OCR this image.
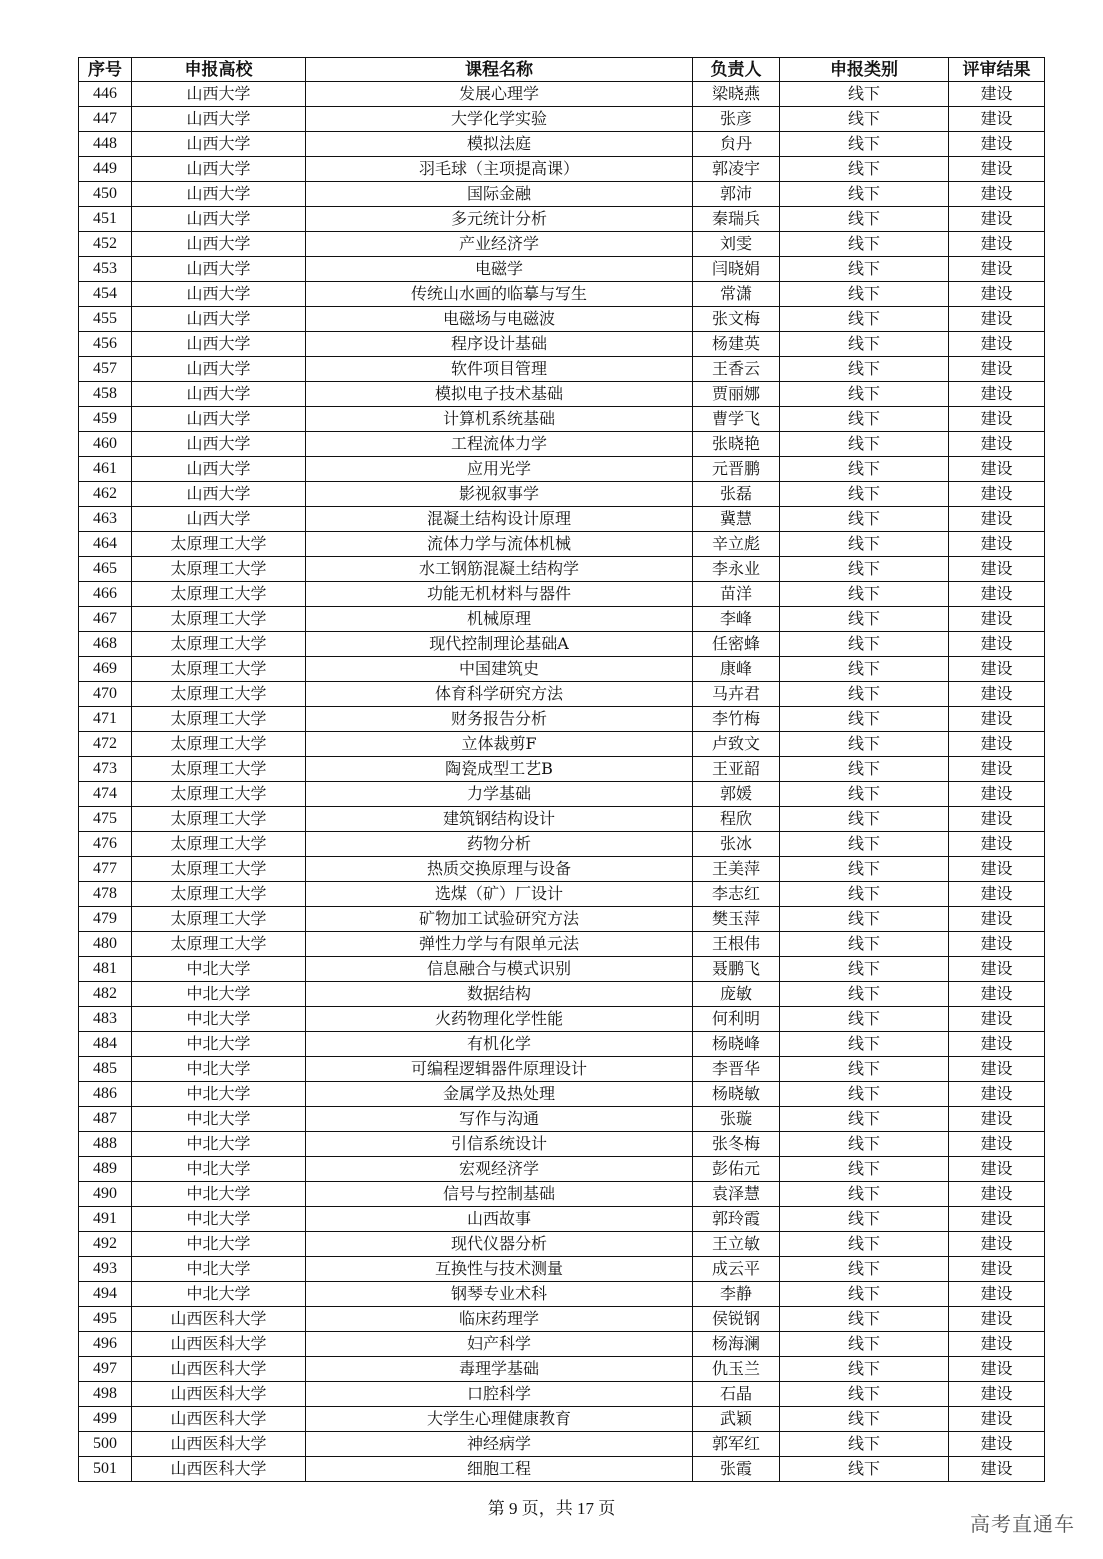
序号	申报高校	课程名称	负责人	申报类别	评审结果
446	山西大学	发展心理学	梁晓燕	线下	建设
447	山西大学	大学化学实验	张彦	线下	建设
448	山西大学	模拟法庭	贠丹	线下	建设
449	山西大学	羽毛球（主项提高课）	郭凌宇	线下	建设
450	山西大学	国际金融	郭沛	线下	建设
451	山西大学	多元统计分析	秦瑞兵	线下	建设
452	山西大学	产业经济学	刘雯	线下	建设
453	山西大学	电磁学	闫晓娟	线下	建设
454	山西大学	传统山水画的临摹与写生	常潇	线下	建设
455	山西大学	电磁场与电磁波	张文梅	线下	建设
456	山西大学	程序设计基础	杨建英	线下	建设
457	山西大学	软件项目管理	王香云	线下	建设
458	山西大学	模拟电子技术基础	贾丽娜	线下	建设
459	山西大学	计算机系统基础	曹学飞	线下	建设
460	山西大学	工程流体力学	张晓艳	线下	建设
461	山西大学	应用光学	元晋鹏	线下	建设
462	山西大学	影视叙事学	张磊	线下	建设
463	山西大学	混凝土结构设计原理	冀慧	线下	建设
464	太原理工大学	流体力学与流体机械	辛立彪	线下	建设
465	太原理工大学	水工钢筋混凝土结构学	李永业	线下	建设
466	太原理工大学	功能无机材料与器件	苗洋	线下	建设
467	太原理工大学	机械原理	李峰	线下	建设
468	太原理工大学	现代控制理论基础A	任密蜂	线下	建设
469	太原理工大学	中国建筑史	康峰	线下	建设
470	太原理工大学	体育科学研究方法	马卉君	线下	建设
471	太原理工大学	财务报告分析	李竹梅	线下	建设
472	太原理工大学	立体裁剪F	卢致文	线下	建设
473	太原理工大学	陶瓷成型工艺B	王亚韶	线下	建设
474	太原理工大学	力学基础	郭媛	线下	建设
475	太原理工大学	建筑钢结构设计	程欣	线下	建设
476	太原理工大学	药物分析	张冰	线下	建设
477	太原理工大学	热质交换原理与设备	王美萍	线下	建设
478	太原理工大学	选煤（矿）厂设计	李志红	线下	建设
479	太原理工大学	矿物加工试验研究方法	樊玉萍	线下	建设
480	太原理工大学	弹性力学与有限单元法	王根伟	线下	建设
481	中北大学	信息融合与模式识别	聂鹏飞	线下	建设
482	中北大学	数据结构	庞敏	线下	建设
483	中北大学	火药物理化学性能	何利明	线下	建设
484	中北大学	有机化学	杨晓峰	线下	建设
485	中北大学	可编程逻辑器件原理设计	李晋华	线下	建设
486	中北大学	金属学及热处理	杨晓敏	线下	建设
487	中北大学	写作与沟通	张璇	线下	建设
488	中北大学	引信系统设计	张冬梅	线下	建设
489	中北大学	宏观经济学	彭佑元	线下	建设
490	中北大学	信号与控制基础	袁泽慧	线下	建设
491	中北大学	山西故事	郭玲霞	线下	建设
492	中北大学	现代仪器分析	王立敏	线下	建设
493	中北大学	互换性与技术测量	成云平	线下	建设
494	中北大学	钢琴专业术科	李静	线下	建设
495	山西医科大学	临床药理学	侯锐钢	线下	建设
496	山西医科大学	妇产科学	杨海澜	线下	建设
497	山西医科大学	毒理学基础	仇玉兰	线下	建设
498	山西医科大学	口腔科学	石晶	线下	建设
499	山西医科大学	大学生心理健康教育	武颖	线下	建设
500	山西医科大学	神经病学	郭军红	线下	建设
501	山西医科大学	细胞工程	张霞	线下	建设
第 9 页，共 17 页
高考直通车
